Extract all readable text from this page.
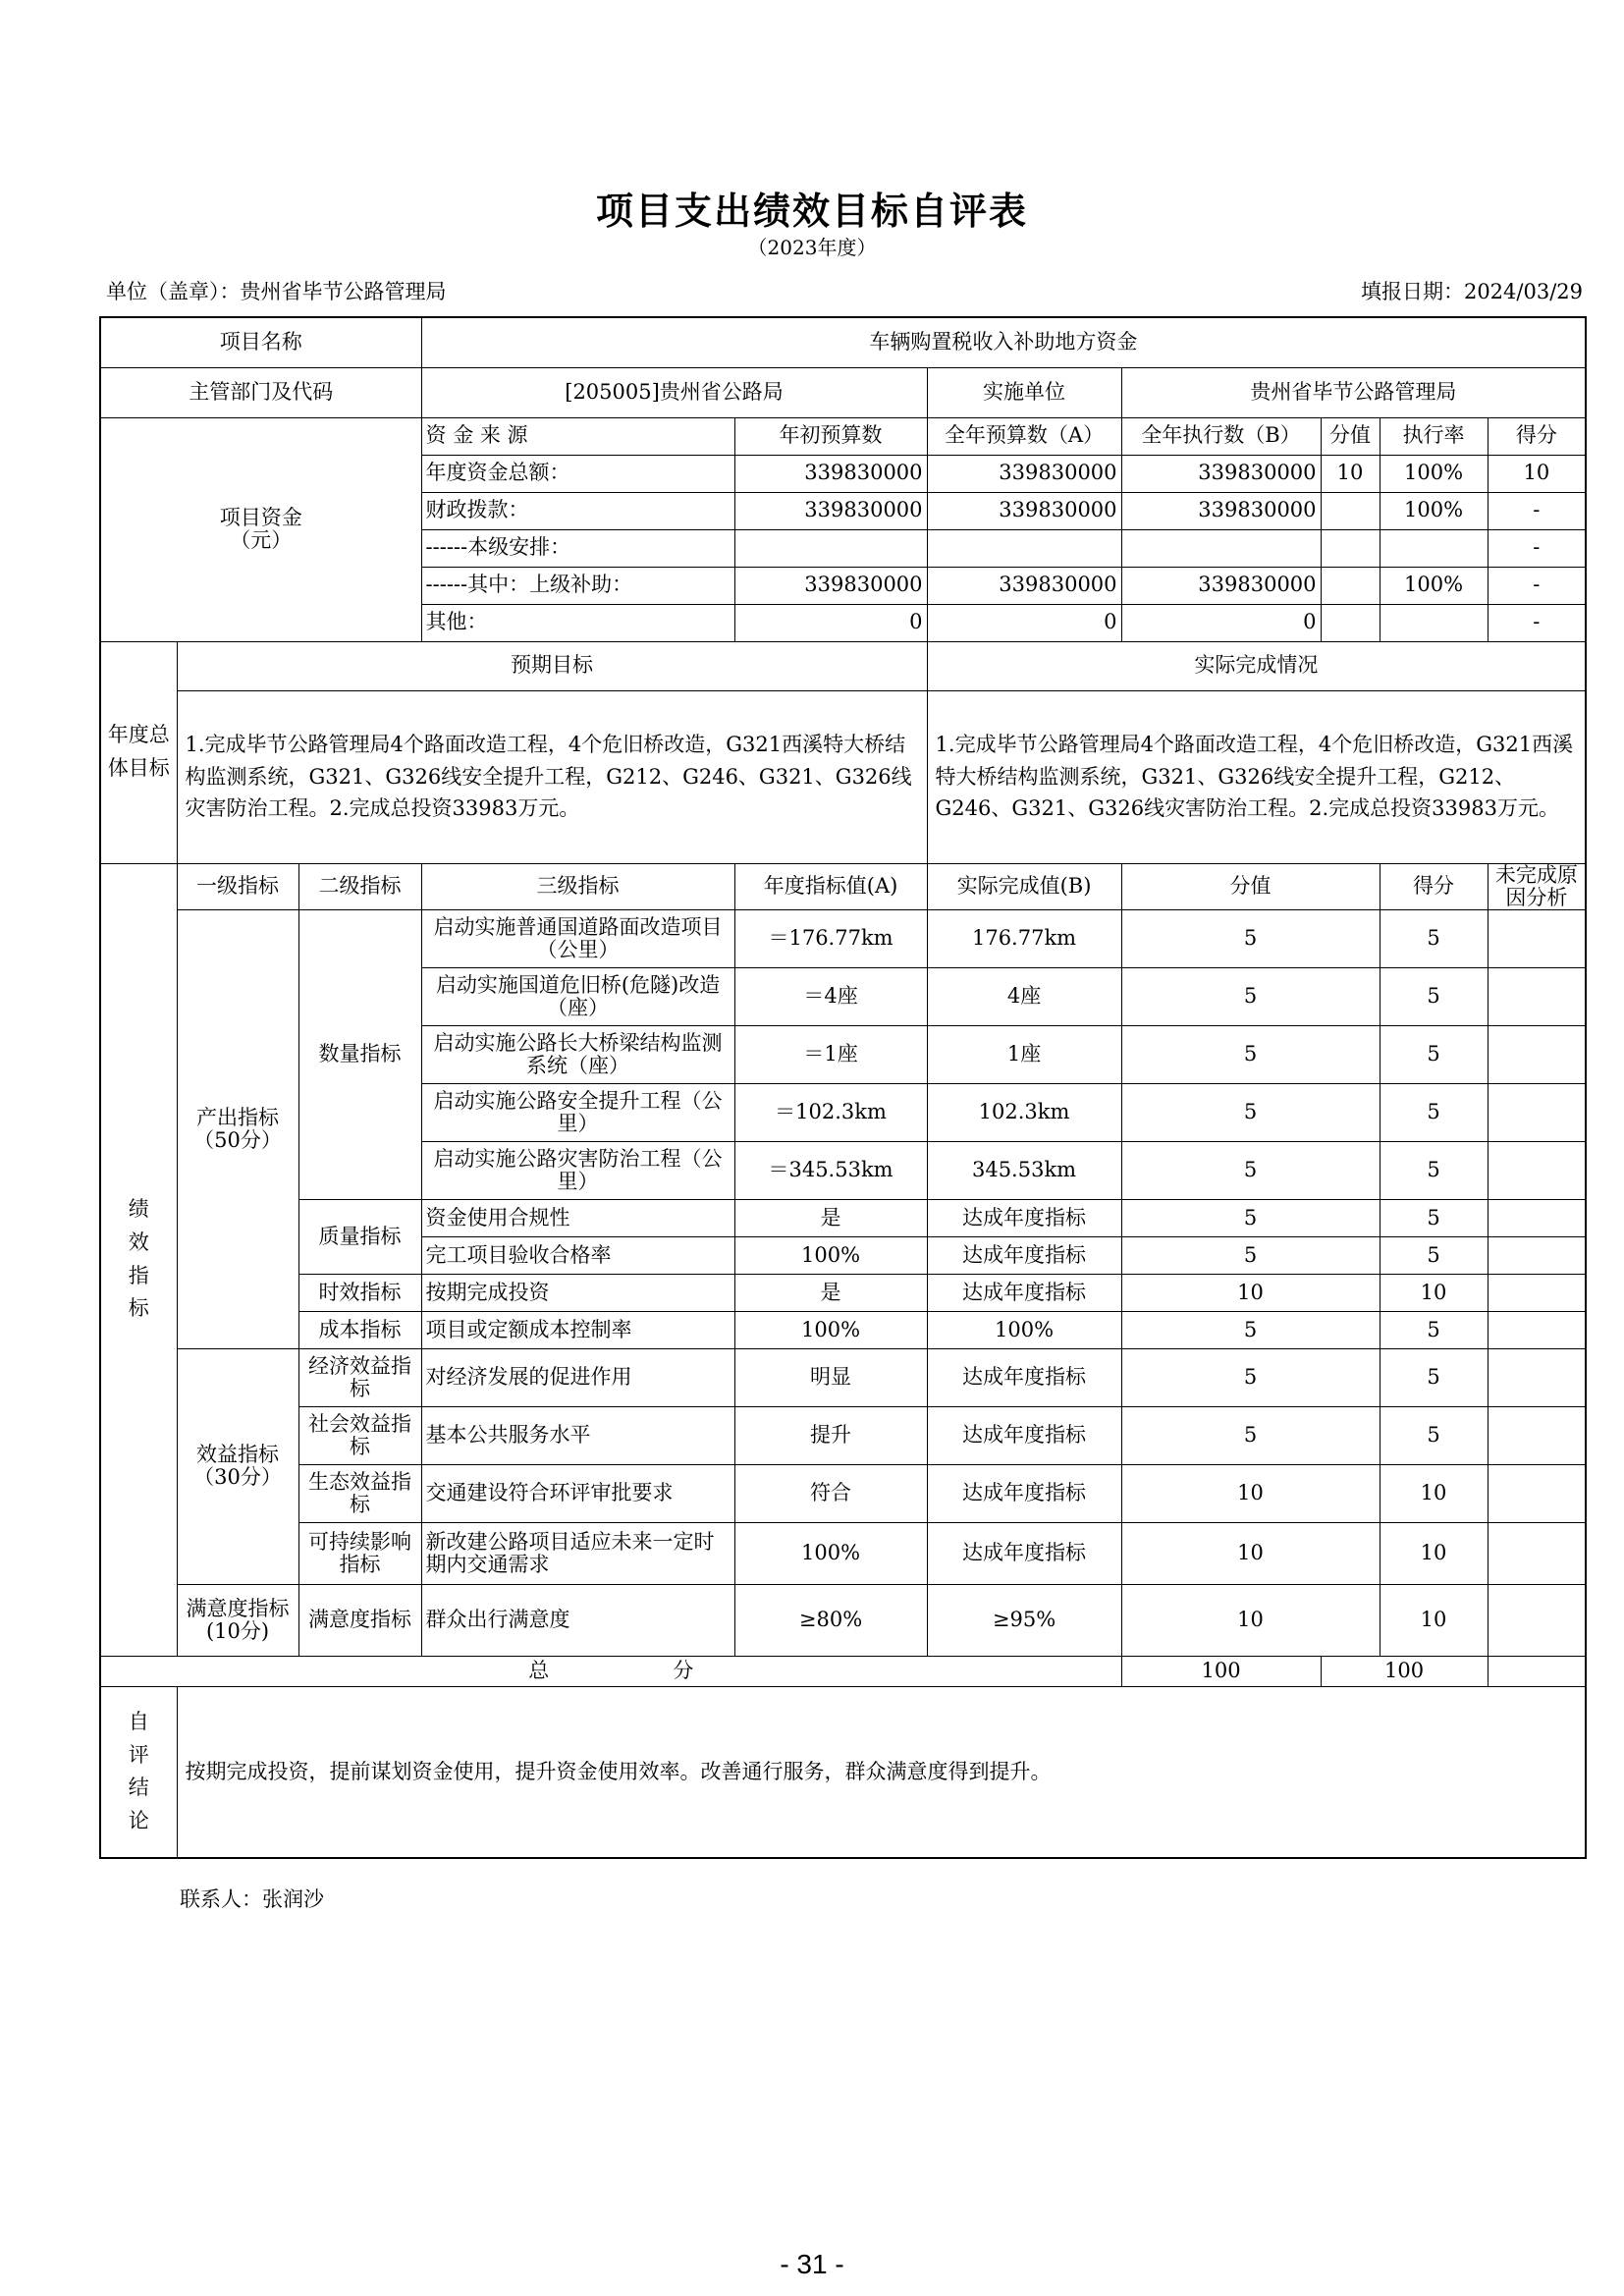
项目支出绩效目标自评表
（2023年度）
单位（盖章）：贵州省毕节公路管理局	填报日期：2024/03/29
项目名称			车辆购置税收入补助地方资金						
主管部门及代码			[205005]贵州省公路局		实施单位	贵州省毕节公路管理局			

项目资金
（元）			资 金 来 源	年初预算数	全年预算数（A）	全年执行数（B）	分值	执行率	得分
			年度资金总额：	339830000	339830000	339830000	10	100%	10
			财政拨款：	339830000	339830000	339830000		100%	-
			------本级安排：						-
			------其中：上级补助：	339830000	339830000	339830000		100%	-
			其他：	0	0	0			-
年度总体目标	预期目标				实际完成情况				
	1.完成毕节公路管理局4个路面改造工程，4个危旧桥改造，G321西溪特大桥结构监测系统，G321、G326线安全提升工程，G212、G246、G321、G326线灾害防治工程。2.完成总投资33983万元。				1.完成毕节公路管理局4个路面改造工程，4个危旧桥改造，G321西溪特大桥结构监测系统，G321、G326线安全提升工程，G212、G246、G321、G326线灾害防治工程。2.完成总投资33983万元。				
绩效指标	一级指标	二级指标	三级指标	年度指标值(A)	实际完成值(B)	分值		得分	未完成原因分析
	产出指标（50分）	数量指标	启动实施普通国道路面改造项目（公里）	＝176.77km	176.77km	5		5	
			启动实施国道危旧桥(危隧)改造（座）	＝4座	4座	5		5	
			启动实施公路长大桥梁结构监测系统（座）	＝1座	1座	5		5	
			启动实施公路安全提升工程（公里）	＝102.3km	102.3km	5		5	
			启动实施公路灾害防治工程（公里）	＝345.53km	345.53km	5		5	
		质量指标	资金使用合规性	是	达成年度指标	5		5	
			完工项目验收合格率	100%	达成年度指标	5		5	
		时效指标	按期完成投资	是	达成年度指标	10		10	
		成本指标	项目或定额成本控制率	100%	100%	5		5	
	效益指标（30分）	经济效益指标	对经济发展的促进作用	明显	达成年度指标	5		5	
		社会效益指标	基本公共服务水平	提升	达成年度指标	5		5	
		生态效益指标	交通建设符合环评审批要求	符合	达成年度指标	10		10	
		可持续影响指标	新改建公路项目适应未来一定时期内交通需求	100%	达成年度指标	10		10	
	满意度指标(10分)	满意度指标	群众出行满意度	≥80%	≥95%	10		10	
总　　　　　　分						100	100		
自评结论	按期完成投资，提前谋划资金使用，提升资金使用效率。改善通行服务，群众满意度得到提升。								
联系人：张润沙
- 31 -
